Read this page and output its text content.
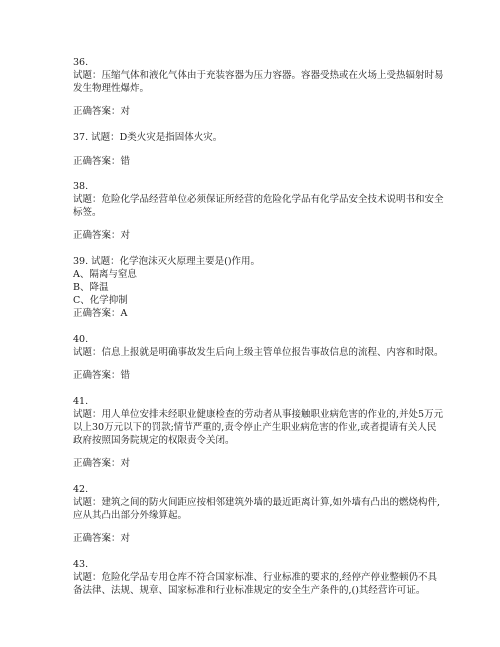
36.
试题：压缩气体和液化气体由于充装容器为压力容器。容器受热或在火场上受热辐射时易
发生物理性爆炸。
正确答案：对
37. 试题：D类火灾是指固体火灾。
正确答案：错
38.
试题：危险化学品经营单位必须保证所经营的危险化学品有化学品安全技术说明书和安全
标签。
正确答案：对
39. 试题：化学泡沫灭火原理主要是()作用。
A、隔离与窒息
B、降温
C、化学抑制
正确答案：A
40.
试题：信息上报就是明确事故发生后向上级主管单位报告事故信息的流程、内容和时限。
正确答案：错
41.
试题：用人单位安排未经职业健康检查的劳动者从事接触职业病危害的作业的,并处5万元
以上30万元以下的罚款;情节严重的,责令停止产生职业病危害的作业,或者提请有关人民
政府按照国务院规定的权限责令关闭。
正确答案：对
42.
试题：建筑之间的防火间距应按相邻建筑外墙的最近距离计算,如外墙有凸出的燃烧构件,
应从其凸出部分外缘算起。
正确答案：对
43.
试题：危险化学品专用仓库不符合国家标准、行业标准的要求的,经停产停业整顿仍不具
备法律、法规、规章、国家标准和行业标准规定的安全生产条件的,()其经营许可证。
